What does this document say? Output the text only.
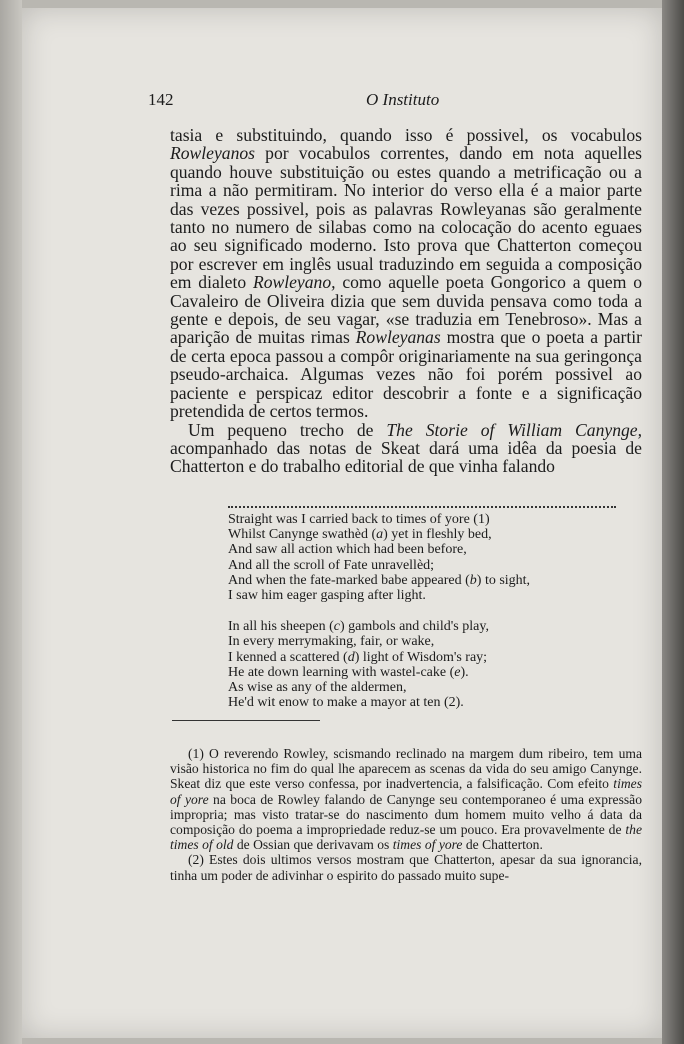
142	O Instituto

tasia e substituindo, quando isso é possivel, os vocabulos Rowleyanos por vocabulos correntes, dando em nota aquelles quando houve substituição ou estes quando a metrificação ou a rima a não permitiram. No interior do verso ella é a maior parte das vezes possivel, pois as palavras Rowleyanas são geralmente tanto no numero de silabas como na colocação do acento eguaes ao seu significado moderno. Isto prova que Chatterton começou por escrever em inglês usual traduzindo em seguida a composição em dialeto Rowleyano, como aquelle poeta Gongorico a quem o Cavaleiro de Oliveira dizia que sem duvida pensava como toda a gente e depois, de seu vagar, «se traduzia em Tenebroso». Mas a aparição de muitas rimas Rowleyanas mostra que o poeta a partir de certa epoca passou a compôr originariamente na sua geringonça pseudo-archaica. Algumas vezes não foi porém possivel ao paciente e perspicaz editor descobrir a fonte e a significação pretendida de certos termos.

Um pequeno trecho de The Storie of William Canynge, acompanhado das notas de Skeat dará uma idêa da poesia de Chatterton e do trabalho editorial de que vinha falando

Straight was I carried back to times of yore (1)
Whilst Canynge swathèd (a) yet in fleshly bed,
And saw all action which had been before,
And all the scroll of Fate unravellèd;
And when the fate-marked babe appeared (b) to sight,
I saw him eager gasping after light.
In all his sheepen (c) gambols and child's play,
In every merrymaking, fair, or wake,
I kenned a scattered (d) light of Wisdom's ray;
He ate down learning with wastel-cake (e).
As wise as any of the aldermen,
He'd wit enow to make a mayor at ten (2).

(1) O reverendo Rowley, scismando reclinado na margem dum ribeiro, tem uma visão historica no fim do qual lhe aparecem as scenas da vida do seu amigo Canynge. Skeat diz que este verso confessa, por inadvertencia, a falsificação. Com efeito times of yore na boca de Rowley falando de Canynge seu contemporaneo é uma expressão impropria; mas visto tratar-se do nascimento dum homem muito velho á data da composição do poema a impropriedade reduz-se um pouco. Era provavelmente de the times of old de Ossian que derivavam os times of yore de Chatterton.

(2) Estes dois ultimos versos mostram que Chatterton, apesar da sua ignorancia, tinha um poder de adivinhar o espirito do passado muito supe-
